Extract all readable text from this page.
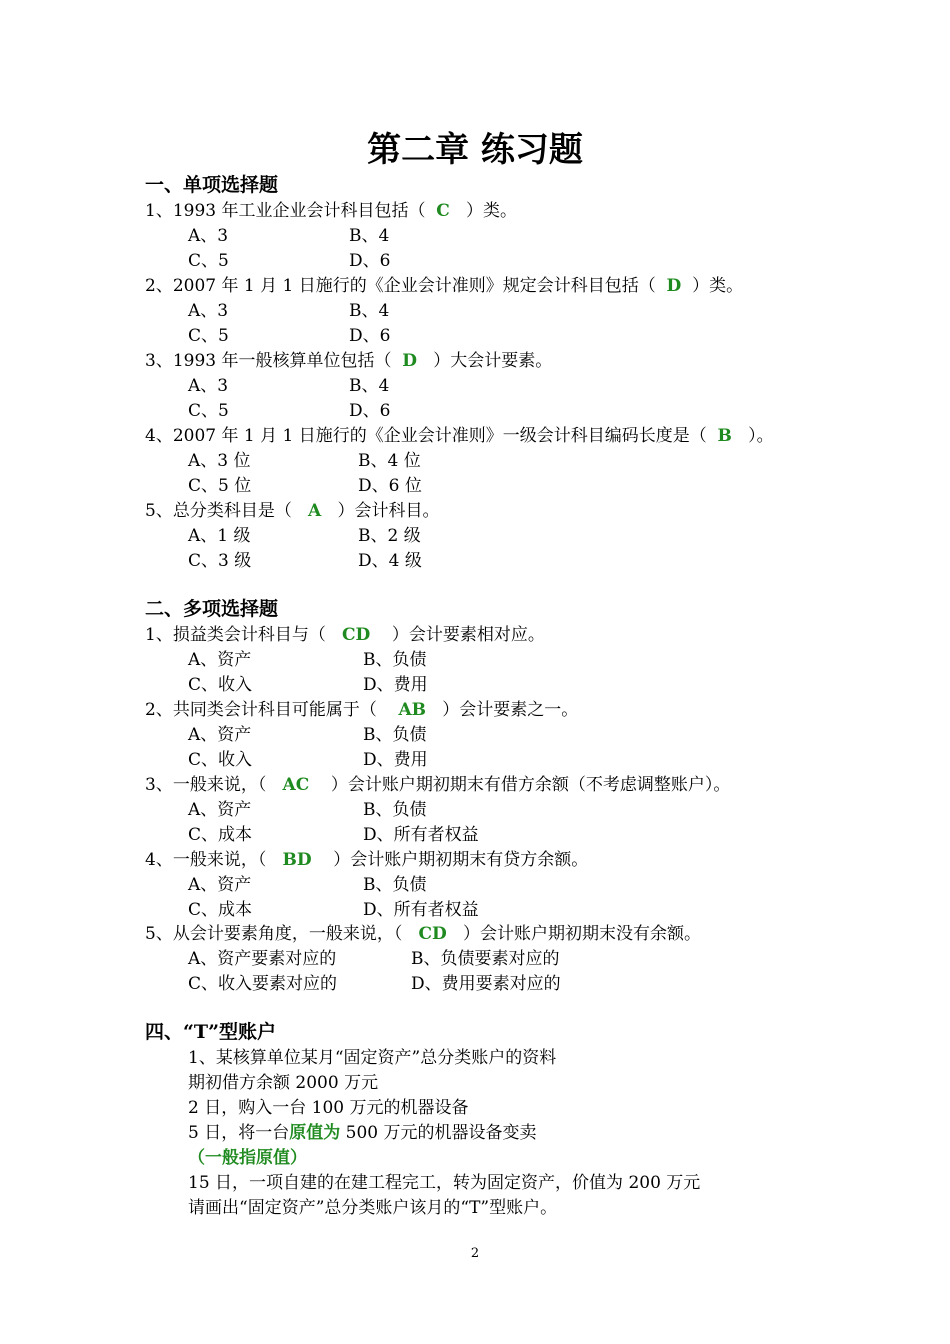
第二章 练习题
一、单项选择题
1、1993 年工业企业会计科目包括（  C   ）类。
A、3	B、4
C、5	D、6
2、2007 年 1 月 1 日施行的《企业会计准则》规定会计科目包括（  D  ）类。
A、3	B、4
C、5	D、6
3、1993 年一般核算单位包括（  D   ）大会计要素。
A、3	B、4
C、5	D、6
4、2007 年 1 月 1 日施行的《企业会计准则》一级会计科目编码长度是（  B   ）。
A、3 位	B、4 位
C、5 位	D、6 位
5、总分类科目是（   A   ）会计科目。
A、1 级	B、2 级
C、3 级	D、4 级
二、多项选择题
1、损益类会计科目与（   CD    ）会计要素相对应。
A、资产	B、负债
C、收入	D、费用
2、共同类会计科目可能属于（    AB   ）会计要素之一。
A、资产	B、负债
C、收入	D、费用
3、一般来说，（   AC    ）会计账户期初期末有借方余额（不考虑调整账户）。
A、资产	B、负债
C、成本	D、所有者权益
4、一般来说，（   BD    ）会计账户期初期末有贷方余额。
A、资产	B、负债
C、成本	D、所有者权益
5、从会计要素角度，一般来说，（   CD   ）会计账户期初期末没有余额。
A、资产要素对应的	B、负债要素对应的
C、收入要素对应的	D、费用要素对应的
四、“T”型账户
1、某核算单位某月“固定资产”总分类账户的资料
期初借方余额 2000 万元
2 日，购入一台 100 万元的机器设备
5 日，将一台原值为 500 万元的机器设备变卖
（一般指原值）
15 日，一项自建的在建工程完工，转为固定资产，价值为 200 万元
请画出“固定资产”总分类账户该月的“T”型账户。
2
